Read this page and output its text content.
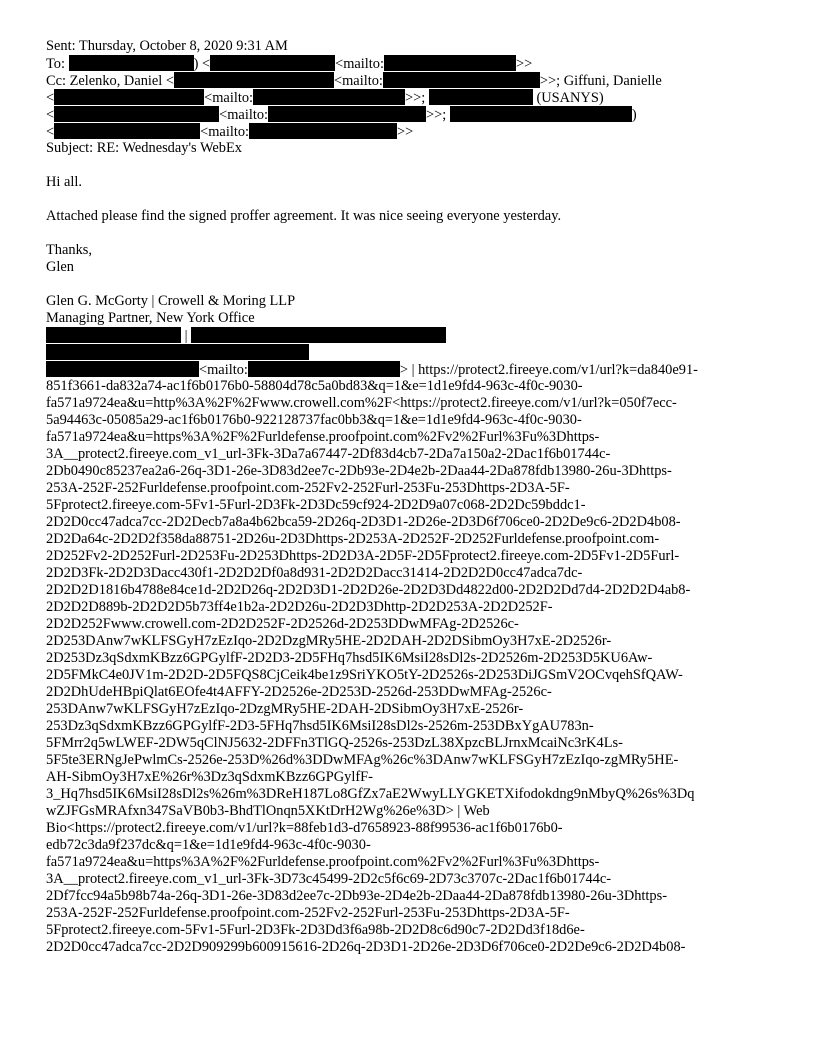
Sent: Thursday, October 8, 2020 9:31 AM
To:	) <	<mailto:	>>
Cc: Zelenko, Daniel <	<mailto:	>>; Giffuni, Danielle
<	<mailto:	>>;	(USANYS)
<	<mailto:	>>;	)
<	<mailto:	>>
Subject: RE: Wednesday's WebEx
Hi all.
Attached please find the signed proffer agreement. It was nice seeing everyone yesterday.
Thanks,
Glen
Glen G. McGorty | Crowell & Moring LLP
Managing Partner, New York Office
|
<mailto:	> | https://protect2.fireeye.com/v1/url?k=da840e91-
851f3661-da832a74-ac1f6b0176b0-58804d78c5a0bd83&q=1&e=1d1e9fd4-963c-4f0c-9030-
fa571a9724ea&u=http%3A%2F%2Fwww.crowell.com%2F<https://protect2.fireeye.com/v1/url?k=050f7ecc-
5a94463c-05085a29-ac1f6b0176b0-922128737fac0bb3&q=1&e=1d1e9fd4-963c-4f0c-9030-
fa571a9724ea&u=https%3A%2F%2Furldefense.proofpoint.com%2Fv2%2Furl%3Fu%3Dhttps-
3A__protect2.fireeye.com_v1_url-3Fk-3Da7a67447-2Df83d4cb7-2Da7a150a2-2Dac1f6b01744c-
2Db0490c85237ea2a6-26q-3D1-26e-3D83d2ee7c-2Db93e-2D4e2b-2Daa44-2Da878fdb13980-26u-3Dhttps-
253A-252F-252Furldefense.proofpoint.com-252Fv2-252Furl-253Fu-253Dhttps-2D3A-5F-
5Fprotect2.fireeye.com-5Fv1-5Furl-2D3Fk-2D3Dc59cf924-2D2D9a07c068-2D2Dc59bddc1-
2D2D0cc47adca7cc-2D2Decb7a8a4b62bca59-2D26q-2D3D1-2D26e-2D3D6f706ce0-2D2De9c6-2D2D4b08-
2D2Da64c-2D2D2f358da88751-2D26u-2D3Dhttps-2D253A-2D252F-2D252Furldefense.proofpoint.com-
2D252Fv2-2D252Furl-2D253Fu-2D253Dhttps-2D2D3A-2D5F-2D5Fprotect2.fireeye.com-2D5Fv1-2D5Furl-
2D2D3Fk-2D2D3Dacc430f1-2D2D2Df0a8d931-2D2D2Dacc31414-2D2D2D0cc47adca7dc-
2D2D2D1816b4788e84ce1d-2D2D26q-2D2D3D1-2D2D26e-2D2D3Dd4822d00-2D2D2Dd7d4-2D2D2D4ab8-
2D2D2D889b-2D2D2D5b73ff4e1b2a-2D2D26u-2D2D3Dhttp-2D2D253A-2D2D252F-
2D2D252Fwww.crowell.com-2D2D252F-2D2526d-2D253DDwMFAg-2D2526c-
2D253DAnw7wKLFSGyH7zEzIqo-2D2DzgMRy5HE-2D2DAH-2D2DSibmOy3H7xE-2D2526r-
2D253Dz3qSdxmKBzz6GPGylfF-2D2D3-2D5FHq7hsd5IK6MsiI28sDl2s-2D2526m-2D253D5KU6Aw-
2D5FMkC4e0JV1m-2D2D-2D5FQS8CjCeik4be1z9SriYKO5tY-2D2526s-2D253DiJGSmV2OCvqehSfQAW-
2D2DhUdeHBpiQlat6EOfe4t4AFFY-2D2526e-2D253D-2526d-253DDwMFAg-2526c-
253DAnw7wKLFSGyH7zEzIqo-2DzgMRy5HE-2DAH-2DSibmOy3H7xE-2526r-
253Dz3qSdxmKBzz6GPGylfF-2D3-5FHq7hsd5IK6MsiI28sDl2s-2526m-253DBxYgAU783n-
5FMrr2q5wLWEF-2DW5qClNJ5632-2DFFn3TlGQ-2526s-253DzL38XpzcBLJrnxMcaiNc3rK4Ls-
5F5te3ERNgJePwlmCs-2526e-253D%26d%3DDwMFAg%26c%3DAnw7wKLFSGyH7zEzIqo-zgMRy5HE-
AH-SibmOy3H7xE%26r%3Dz3qSdxmKBzz6GPGylfF-
3_Hq7hsd5IK6MsiI28sDl2s%26m%3DReH187Lo8GfZx7aE2WwyLLYGKETXifodokdng9nMbyQ%26s%3Dq
wZJFGsMRAfxn347SaVB0b3-BhdTlOnqn5XKtDrH2Wg%26e%3D> | Web
Bio<https://protect2.fireeye.com/v1/url?k=88feb1d3-d7658923-88f99536-ac1f6b0176b0-
edb72c3da9f237dc&q=1&e=1d1e9fd4-963c-4f0c-9030-
fa571a9724ea&u=https%3A%2F%2Furldefense.proofpoint.com%2Fv2%2Furl%3Fu%3Dhttps-
3A__protect2.fireeye.com_v1_url-3Fk-3D73c45499-2D2c5f6c69-2D73c3707c-2Dac1f6b01744c-
2Df7fcc94a5b98b74a-26q-3D1-26e-3D83d2ee7c-2Db93e-2D4e2b-2Daa44-2Da878fdb13980-26u-3Dhttps-
253A-252F-252Furldefense.proofpoint.com-252Fv2-252Furl-253Fu-253Dhttps-2D3A-5F-
5Fprotect2.fireeye.com-5Fv1-5Furl-2D3Fk-2D3Dd3f6a98b-2D2D8c6d90c7-2D2Dd3f18d6e-
2D2D0cc47adca7cc-2D2D909299b600915616-2D26q-2D3D1-2D26e-2D3D6f706ce0-2D2De9c6-2D2D4b08-
